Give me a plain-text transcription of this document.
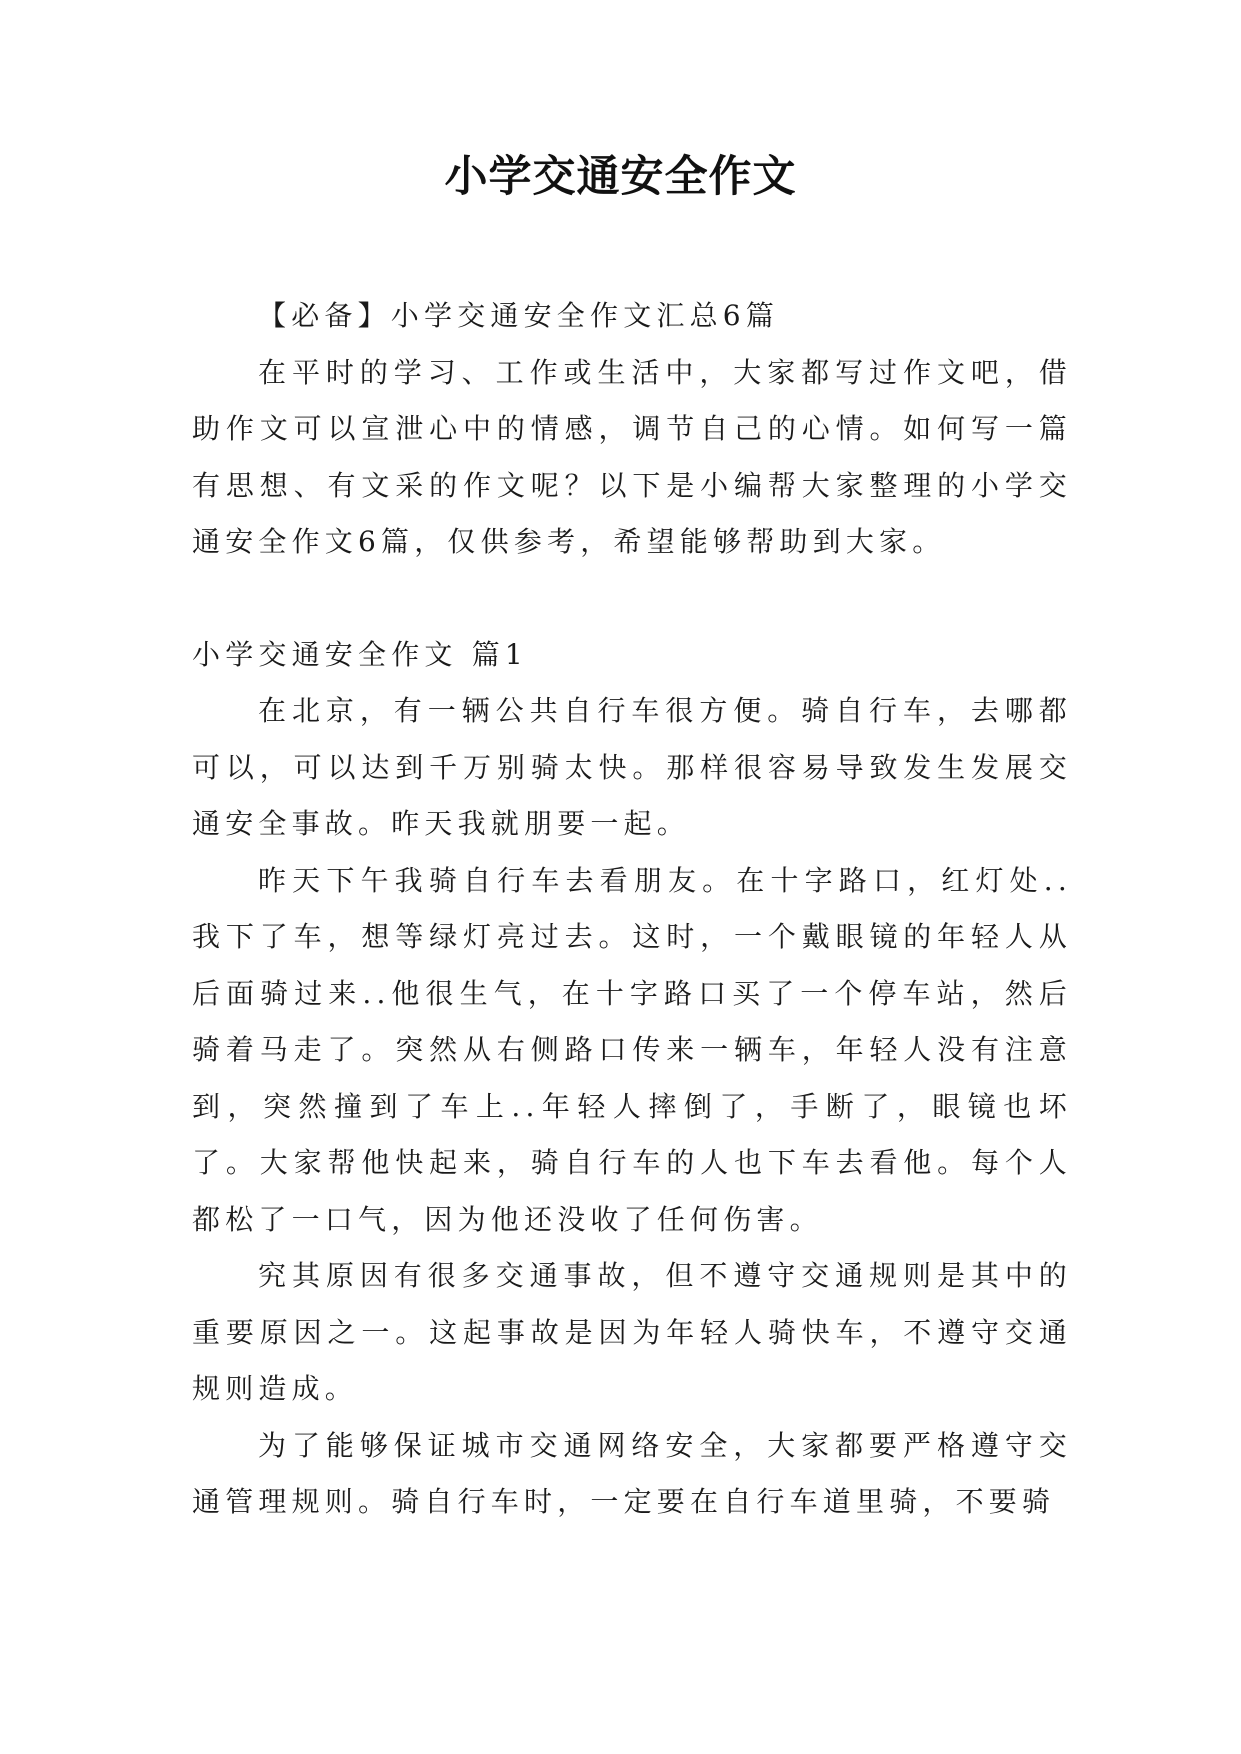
小学交通安全作文

【必备】小学交通安全作文汇总6篇

在平时的学习、工作或生活中，大家都写过作文吧，借助作文可以宣泄心中的情感，调节自己的心情。如何写一篇有思想、有文采的作文呢？以下是小编帮大家整理的小学交通安全作文6篇，仅供参考，希望能够帮助到大家。

小学交通安全作文 篇1

在北京，有一辆公共自行车很方便。骑自行车，去哪都可以，可以达到千万别骑太快。那样很容易导致发生发展交通安全事故。昨天我就朋要一起。

昨天下午我骑自行车去看朋友。在十字路口，红灯处..我下了车，想等绿灯亮过去。这时，一个戴眼镜的年轻人从后面骑过来..他很生气，在十字路口买了一个停车站，然后骑着马走了。突然从右侧路口传来一辆车，年轻人没有注意到，突然撞到了车上..年轻人摔倒了，手断了，眼镜也坏了。大家帮他快起来，骑自行车的人也下车去看他。每个人都松了一口气，因为他还没收了任何伤害。

究其原因有很多交通事故，但不遵守交通规则是其中的重要原因之一。这起事故是因为年轻人骑快车，不遵守交通规则造成。

为了能够保证城市交通网络安全，大家都要严格遵守交通管理规则。骑自行车时，一定要在自行车道里骑，不要骑
